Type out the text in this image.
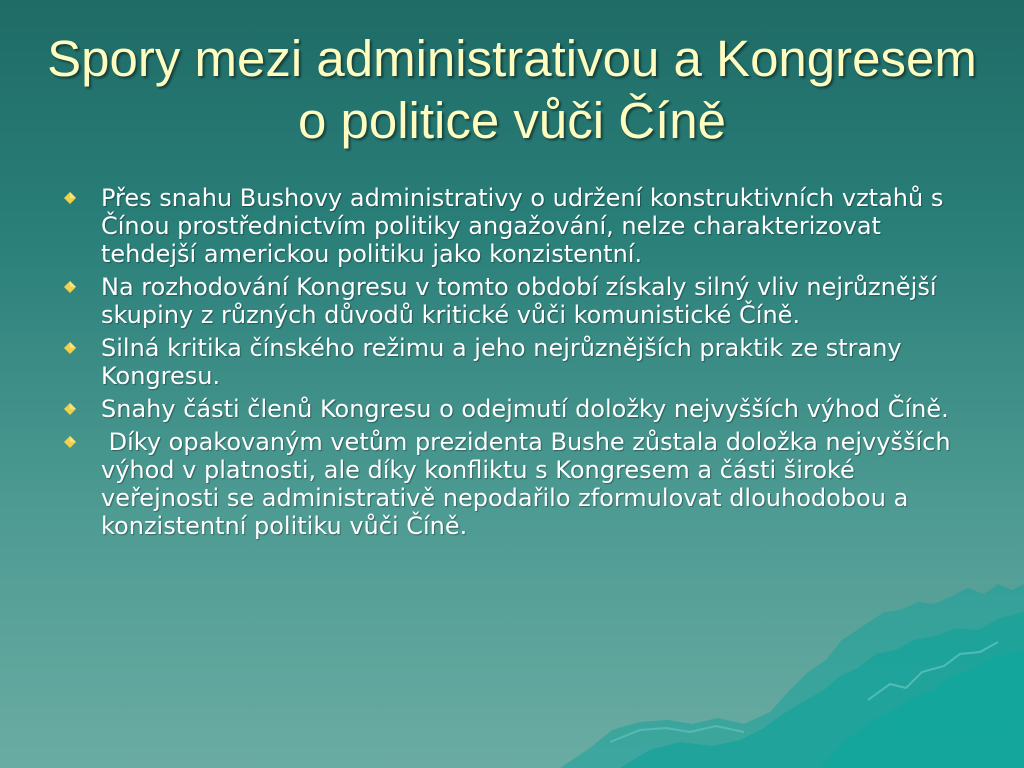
Spory mezi administrativou a Kongresem o politice vůči Číně
Přes snahu Bushovy administrativy o udržení konstruktivních vztahů s Čínou prostřednictvím politiky angažování, nelze charakterizovat tehdejší americkou politiku jako konzistentní.
Na rozhodování Kongresu v tomto období získaly silný vliv nejrůznější skupiny z různých důvodů kritické vůči komunistické Číně.
Silná kritika čínského režimu a jeho nejrůznějších praktik ze strany Kongresu.
Snahy části členů Kongresu o odejmutí doložky nejvyšších výhod Číně.
Díky opakovaným vetům prezidenta Bushe zůstala doložka nejvyšších výhod v platnosti, ale díky konfliktu s Kongresem a části široké veřejnosti se administrativě nepodařilo zformulovat dlouhodobou a konzistentní politiku vůči Číně.
